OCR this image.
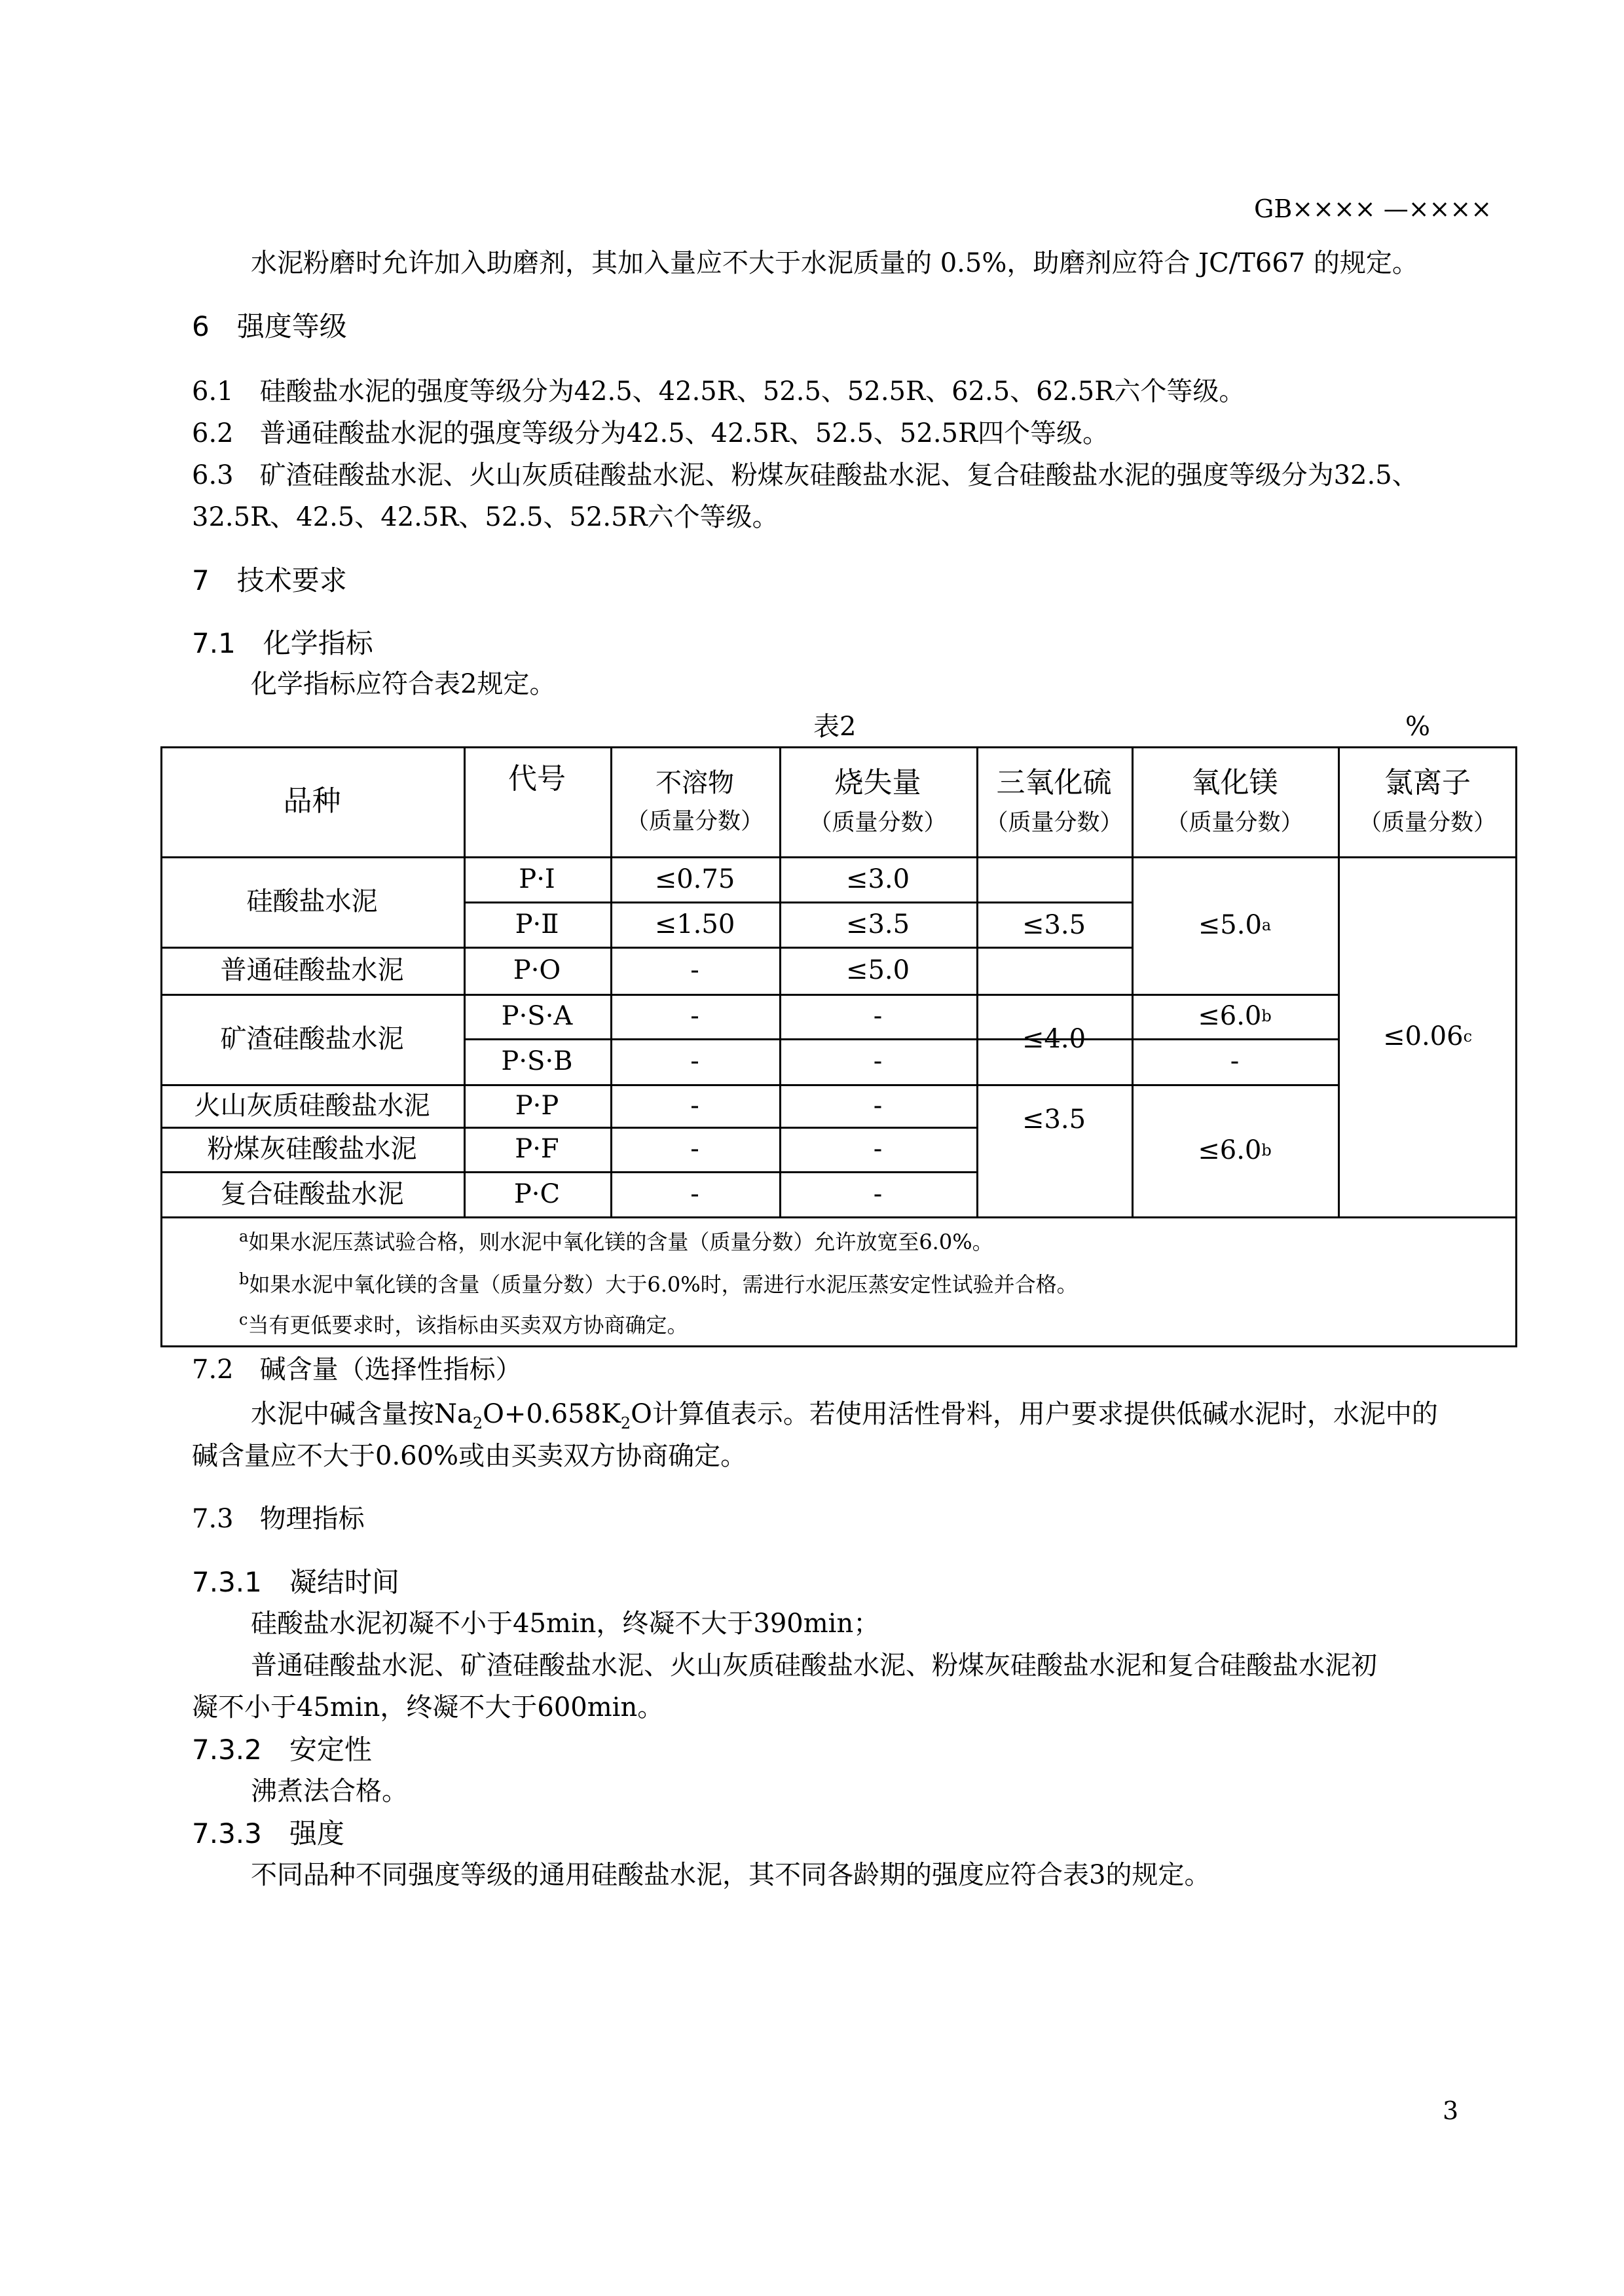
GB×××× —××××
水泥粉磨时允许加入助磨剂，其加入量应不大于水泥质量的 0.5%，助磨剂应符合 JC/T667 的规定。
6　强度等级
6.1　硅酸盐水泥的强度等级分为42.5、42.5R、52.5、52.5R、62.5、62.5R六个等级。
6.2　普通硅酸盐水泥的强度等级分为42.5、42.5R、52.5、52.5R四个等级。
6.3　矿渣硅酸盐水泥、火山灰质硅酸盐水泥、粉煤灰硅酸盐水泥、复合硅酸盐水泥的强度等级分为32.5、
32.5R、42.5、42.5R、52.5、52.5R六个等级。
7　技术要求
7.1　化学指标
化学指标应符合表2规定。
表2	%
品种
代号	不溶物
（质量分数）
烧失量
（质量分数）
三氧化硫
（质量分数）
氧化镁
（质量分数）
氯离子
（质量分数）
硅酸盐水泥
普通硅酸盐水泥
矿渣硅酸盐水泥
火山灰质硅酸盐水泥
粉煤灰硅酸盐水泥
复合硅酸盐水泥
P·I
P·Ⅱ
P·O
P·S·A
P·S·B
P·P
P·F
P·C
≤0.75
≤1.50
-
-
-
-
-
-
≤3.0
≤3.5
≤5.0
-
-
-
-
-
≤3.5
≤4.0
≤3.5
≤5.0 a
≤6.0 b
-
≤6.0 b
≤0.06 c
$^a$如果水泥压蒸试验合格，则水泥中氧化镁的含量（质量分数）允许放宽至6.0%。
$^b$如果水泥中氧化镁的含量（质量分数）大于6.0%时，需进行水泥压蒸安定性试验并合格。
$^c$当有更低要求时，该指标由买卖双方协商确定。
7.2　碱含量（选择性指标）
水泥中碱含量按$Na_2O+0.658K_2O$计算值表示。若使用活性骨料，用户要求提供低碱水泥时，水泥中的
碱含量应不大于0.60%或由买卖双方协商确定。
7.3　物理指标
7.3.1　凝结时间
硅酸盐水泥初凝不小于45min，终凝不大于390min；
普通硅酸盐水泥、矿渣硅酸盐水泥、火山灰质硅酸盐水泥、粉煤灰硅酸盐水泥和复合硅酸盐水泥初
凝不小于45min，终凝不大于600min。
7.3.2　安定性
沸煮法合格。
7.3.3　强度
不同品种不同强度等级的通用硅酸盐水泥，其不同各龄期的强度应符合表3的规定。
3
